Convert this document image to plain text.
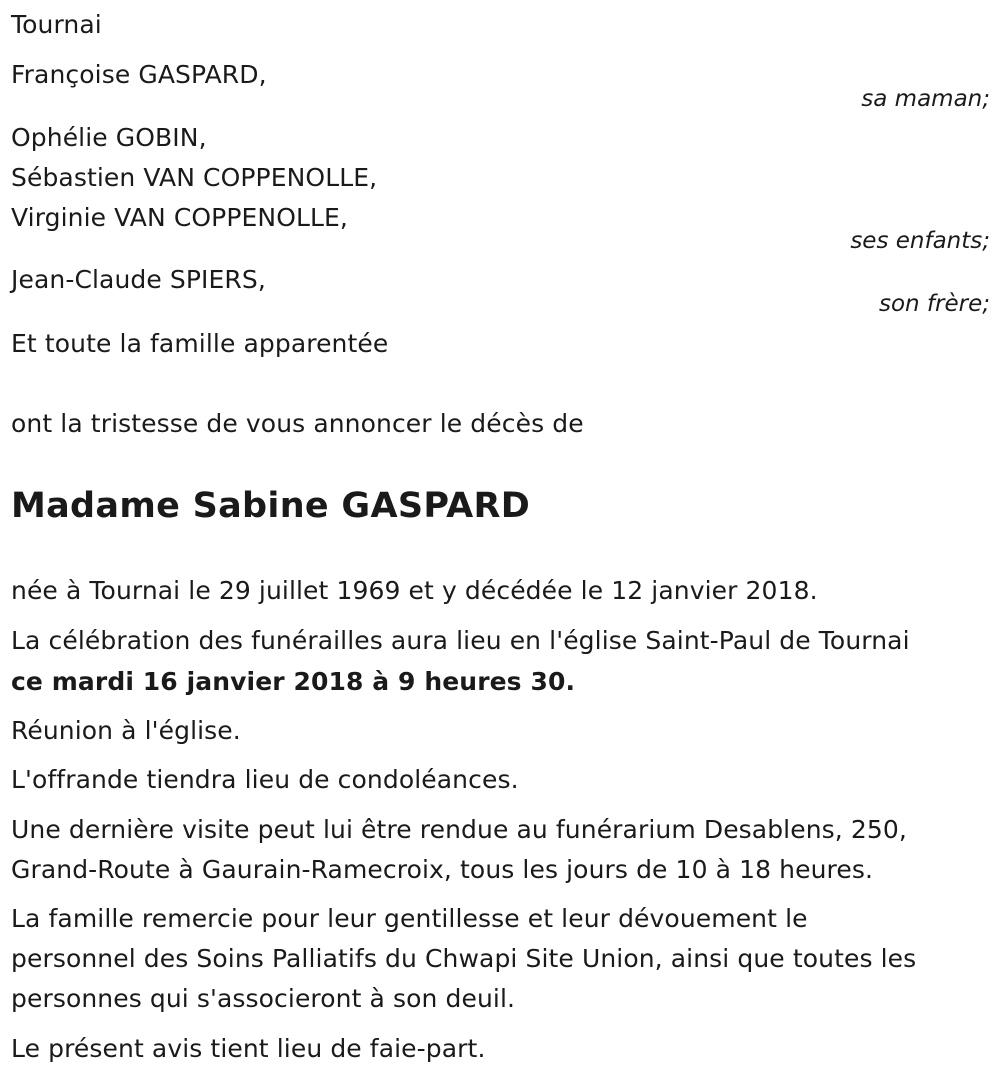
Tournai
Françoise GASPARD,
sa maman;
Ophélie GOBIN,
Sébastien VAN COPPENOLLE,
Virginie VAN COPPENOLLE,
ses enfants;
Jean-Claude SPIERS,
son frère;
Et toute la famille apparentée
ont la tristesse de vous annoncer le décès de
Madame Sabine GASPARD
née à Tournai le 29 juillet 1969 et y décédée le 12 janvier 2018.
La célébration des funérailles aura lieu en l'église Saint-Paul de Tournai
ce mardi 16 janvier 2018 à 9 heures 30.
Réunion à l'église.
L'offrande tiendra lieu de condoléances.
Une dernière visite peut lui être rendue au funérarium Desablens, 250,
Grand-Route à Gaurain-Ramecroix, tous les jours de 10 à 18 heures.
La famille remercie pour leur gentillesse et leur dévouement le
personnel des Soins Palliatifs du Chwapi Site Union, ainsi que toutes les
personnes qui s'associeront à son deuil.
Le présent avis tient lieu de faie-part.
